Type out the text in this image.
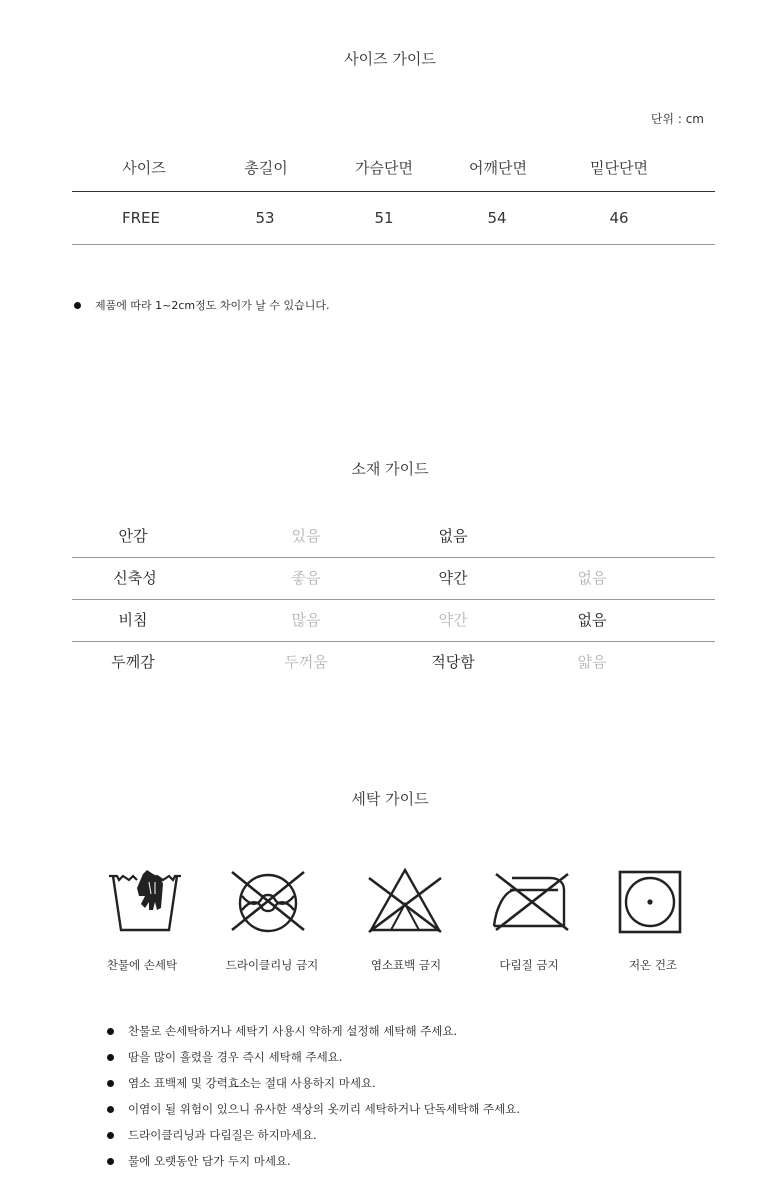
사이즈 가이드
단위 : cm
사이즈	총길이	가슴단면	어깨단면	밑단단면
FREE	53	51	54	46
제품에 따라 1~2cm정도 차이가 날 수 있습니다.
소재 가이드
안감	있음	없음
신축성	좋음	약간	없음
비침	많음	약간	없음
두께감	두꺼움	적당함	얇음
세탁 가이드
찬물에 손세탁	드라이클리닝 금지	염소표백 금지	다림질 금지	저온 건조
찬물로 손세탁하거나 세탁기 사용시 약하게 설정해 세탁해 주세요.
땀을 많이 흘렸을 경우 즉시 세탁해 주세요.
염소 표백제 및 강력효소는 절대 사용하지 마세요.
이염이 될 위험이 있으니 유사한 색상의 옷끼리 세탁하거나 단독세탁해 주세요.
드라이클리닝과 다림질은 하지마세요.
물에 오랫동안 담가 두지 마세요.
